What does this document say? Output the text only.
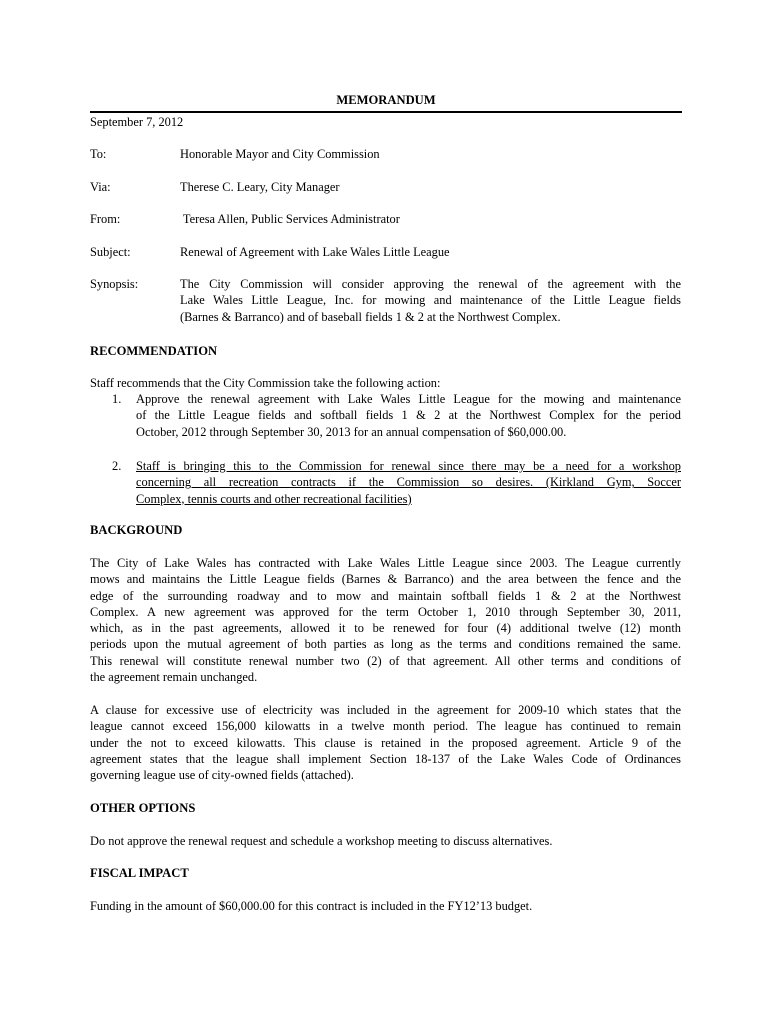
MEMORANDUM
September 7, 2012
To:	Honorable Mayor and City Commission
Via:	Therese C. Leary, City Manager
From:	Teresa Allen, Public Services Administrator
Subject:	Renewal of Agreement with Lake Wales Little League
Synopsis:	The City Commission will consider approving the renewal of the agreement with the
Lake Wales Little League, Inc. for mowing and maintenance of the Little League fields
(Barnes & Barranco) and of baseball fields 1 & 2 at the Northwest Complex.
RECOMMENDATION
Staff recommends that the City Commission take the following action:
1. Approve the renewal agreement with Lake Wales Little League for the mowing and maintenance
of the Little League fields and softball fields 1 & 2 at the Northwest Complex for the period
October, 2012 through September 30, 2013 for an annual compensation of $60,000.00.
2. Staff is bringing this to the Commission for renewal since there may be a need for a workshop
concerning all recreation contracts if the Commission so desires. (Kirkland Gym, Soccer
Complex, tennis courts and other recreational facilities)
BACKGROUND
The City of Lake Wales has contracted with Lake Wales Little League since 2003. The League currently
mows and maintains the Little League fields (Barnes & Barranco) and the area between the fence and the
edge of the surrounding roadway and to mow and maintain softball fields 1 & 2 at the Northwest
Complex. A new agreement was approved for the term October 1, 2010 through September 30, 2011,
which, as in the past agreements, allowed it to be renewed for four (4) additional twelve (12) month
periods upon the mutual agreement of both parties as long as the terms and conditions remained the same.
This renewal will constitute renewal number two (2) of that agreement. All other terms and conditions of
the agreement remain unchanged.
A clause for excessive use of electricity was included in the agreement for 2009-10 which states that the
league cannot exceed 156,000 kilowatts in a twelve month period. The league has continued to remain
under the not to exceed kilowatts. This clause is retained in the proposed agreement. Article 9 of the
agreement states that the league shall implement Section 18-137 of the Lake Wales Code of Ordinances
governing league use of city-owned fields (attached).
OTHER OPTIONS
Do not approve the renewal request and schedule a workshop meeting to discuss alternatives.
FISCAL IMPACT
Funding in the amount of $60,000.00 for this contract is included in the FY12’13 budget.
